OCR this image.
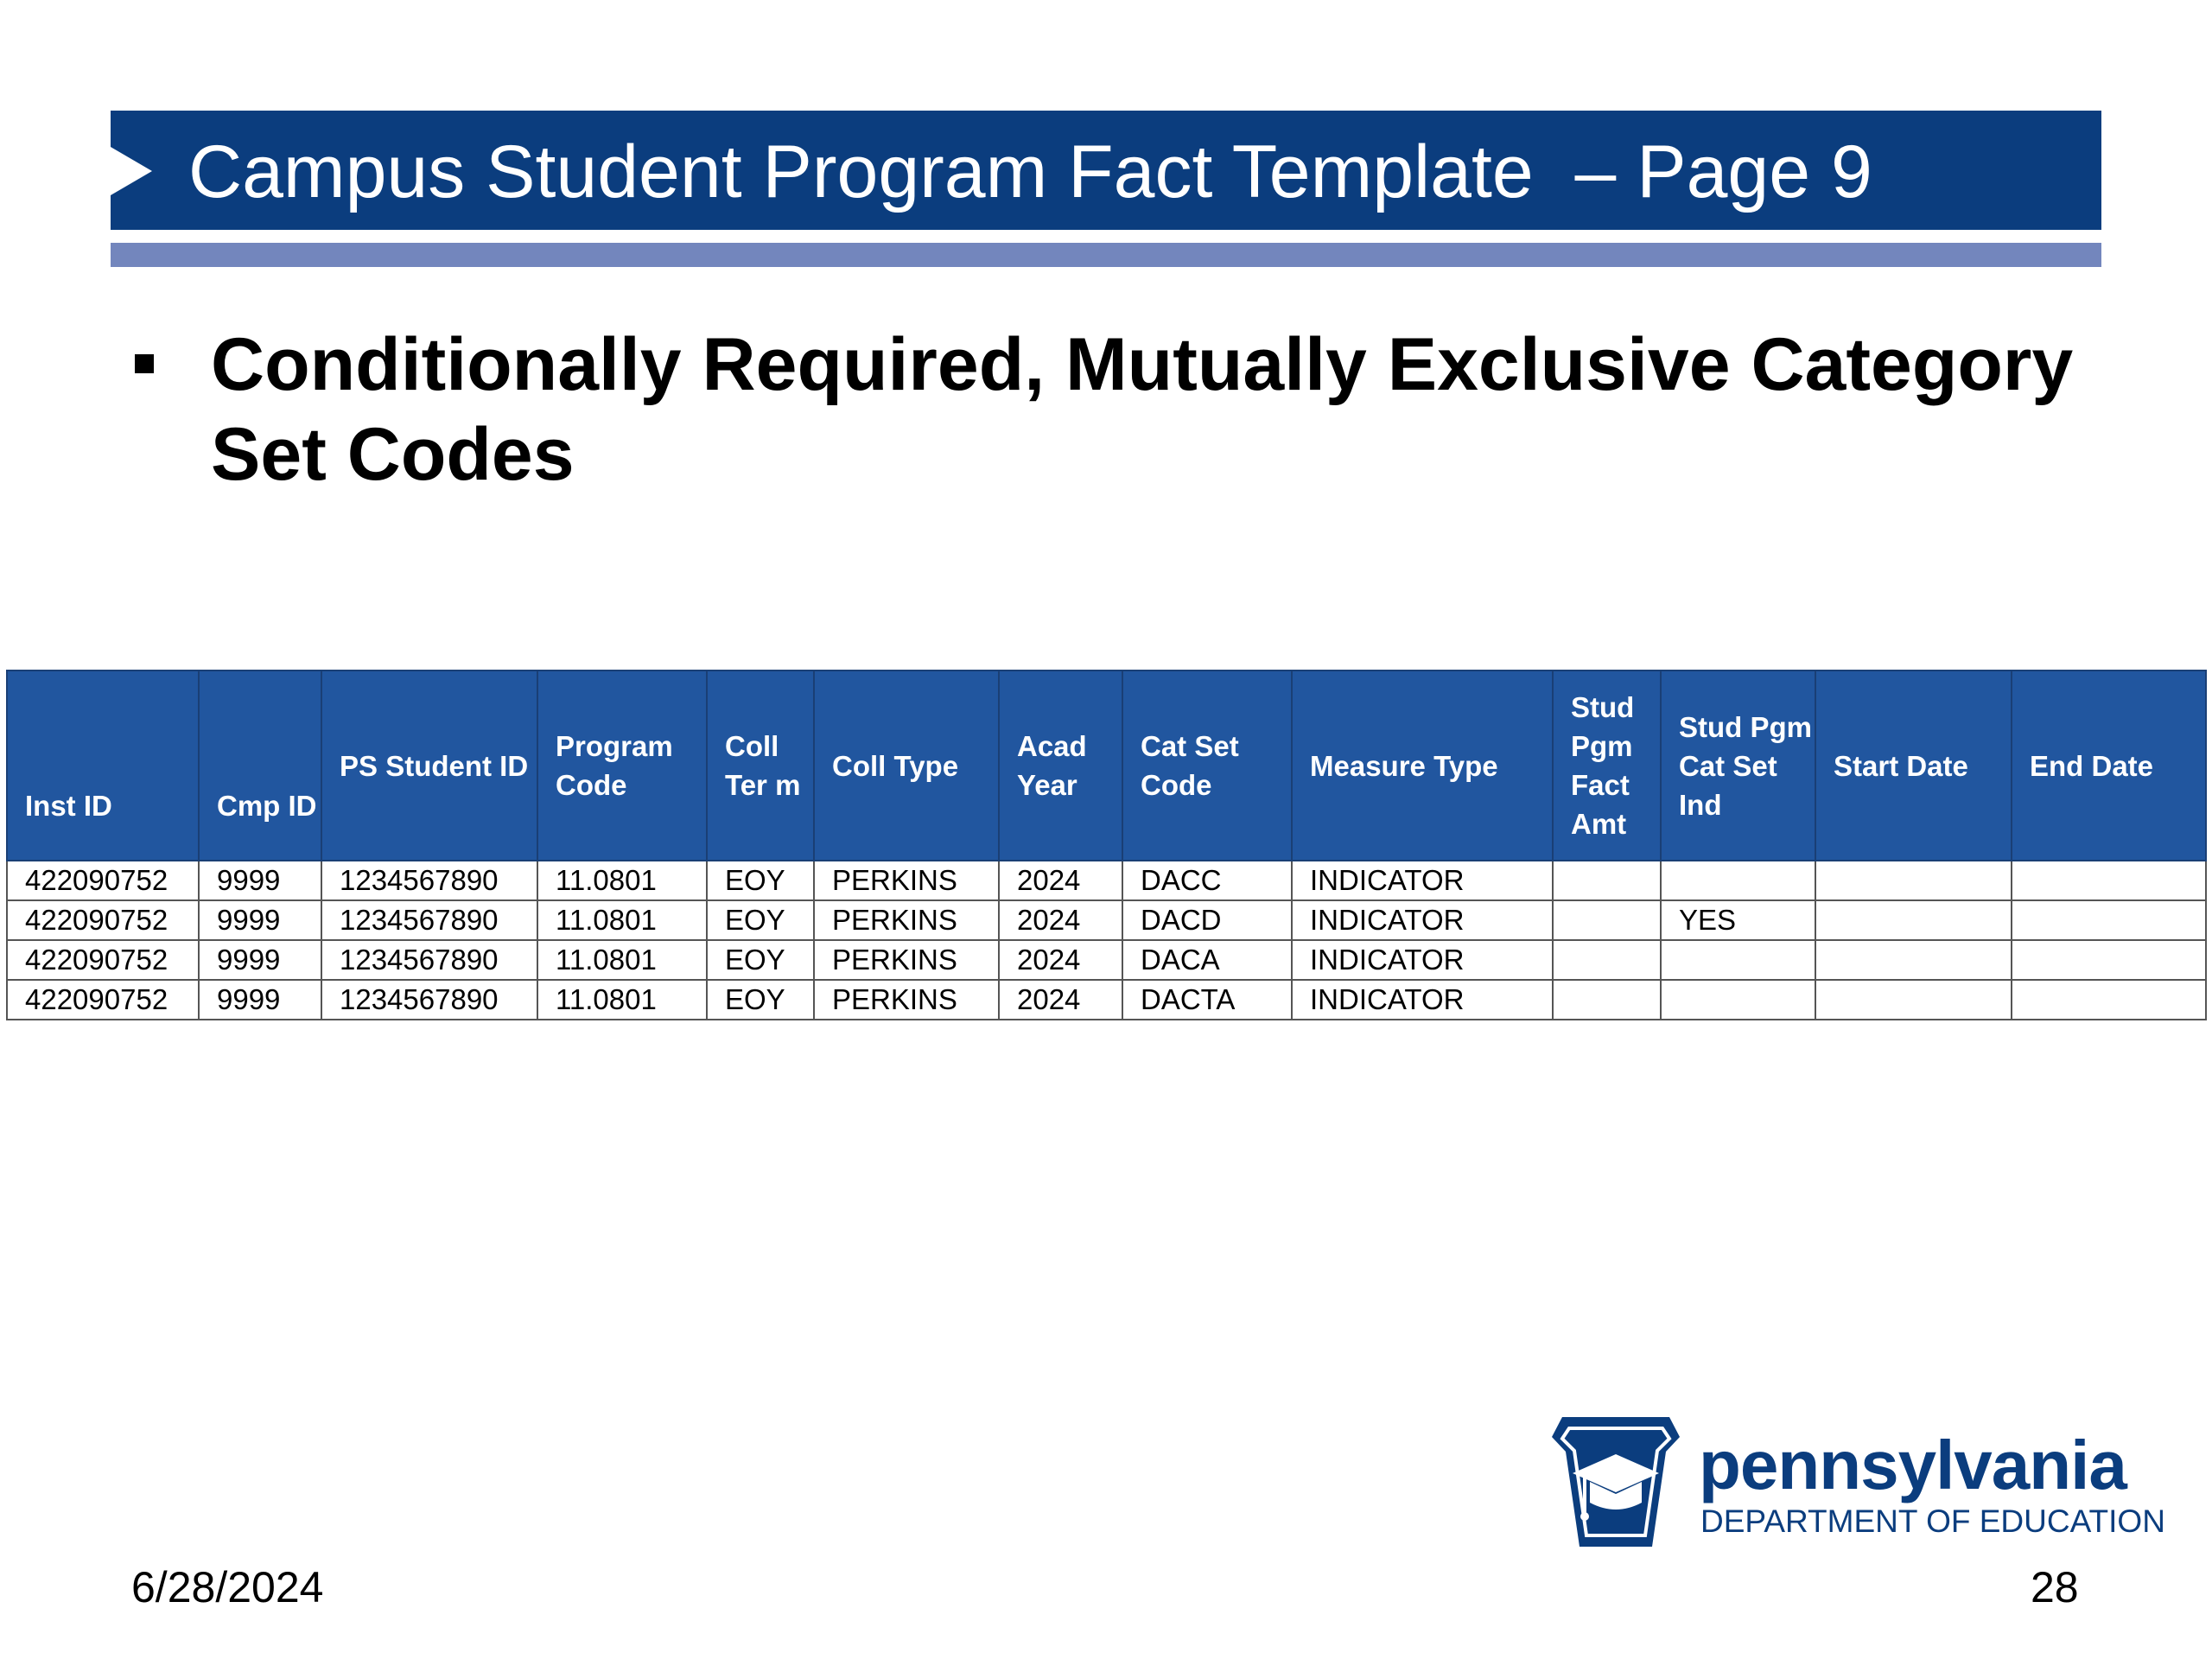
Campus Student Program Fact Template  – Page 9
Conditionally Required, Mutually Exclusive Category Set Codes
Inst ID	Cmp ID	PS Student ID	Program Code	Coll Ter m	Coll Type	Acad Year	Cat Set Code	Measure Type	Stud Pgm Fact Amt	Stud Pgm Cat Set Ind	Start Date	End Date
422090752	9999	1234567890	11.0801	EOY	PERKINS	2024	DACC	INDICATOR				
422090752	9999	1234567890	11.0801	EOY	PERKINS	2024	DACD	INDICATOR		YES		
422090752	9999	1234567890	11.0801	EOY	PERKINS	2024	DACA	INDICATOR				
422090752	9999	1234567890	11.0801	EOY	PERKINS	2024	DACTA	INDICATOR				
pennsylvania
DEPARTMENT OF EDUCATION
6/28/2024	28
